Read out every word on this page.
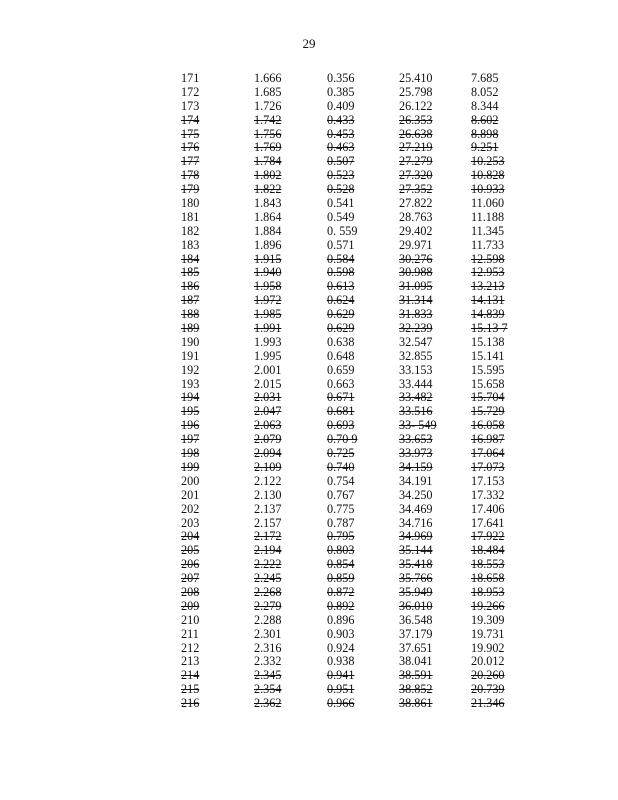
29
171	1.666	0.356	25.410	7.685
172	1.685	0.385	25.798	8.052
173	1.726	0.409	26.122	8.344
174	1.742	0.433	26.353	8.602
175	1.756	0.453	26.638	8.898
176	1.769	0.463	27.219	9.251
177	1.784	0.507	27.279	10.253
178	1.802	0.523	27.320	10.828
179	1.822	0.528	27.352	10.933
180	1.843	0.541	27.822	11.060
181	1.864	0.549	28.763	11.188
182	1.884	0. 559	29.402	11.345
183	1.896	0.571	29.971	11.733
184	1.915	0.584	30.276	12.598
185	1.940	0.598	30.988	12.953
186	1.958	0.613	31.095	13.213
187	1.972	0.624	31.314	14.131
188	1.985	0.629	31.833	14.839
189	1.991	0.629	32.239	15.13 7
190	1.993	0.638	32.547	15.138
191	1.995	0.648	32.855	15.141
192	2.001	0.659	33.153	15.595
193	2.015	0.663	33.444	15.658
194	2.031	0.671	33.482	15.704
195	2.047	0.681	33.516	15.729
196	2.063	0.693	33- 549	16.058
197	2.079	0.70 9	33.653	16.987
198	2.094	0.725	33.973	17.064
199	2.109	0.740	34.159	17.073
200	2.122	0.754	34.191	17.153
201	2.130	0.767	34.250	17.332
202	2.137	0.775	34.469	17.406
203	2.157	0.787	34.716	17.641
204	2.172	0.795	34.969	17.922
205	2.194	0.803	35.144	18.484
206	2.222	0.854	35.418	18.553
207	2.245	0.859	35.766	18.658
208	2.268	0.872	35.949	18.953
209	2.279	0.892	36.010	19.266
210	2.288	0.896	36.548	19.309
211	2.301	0.903	37.179	19.731
212	2.316	0.924	37.651	19.902
213	2.332	0.938	38.041	20.012
214	2.345	0.941	38.591	20.260
215	2.354	0.951	38.852	20.739
216	2.362	0.966	38.861	21.346
